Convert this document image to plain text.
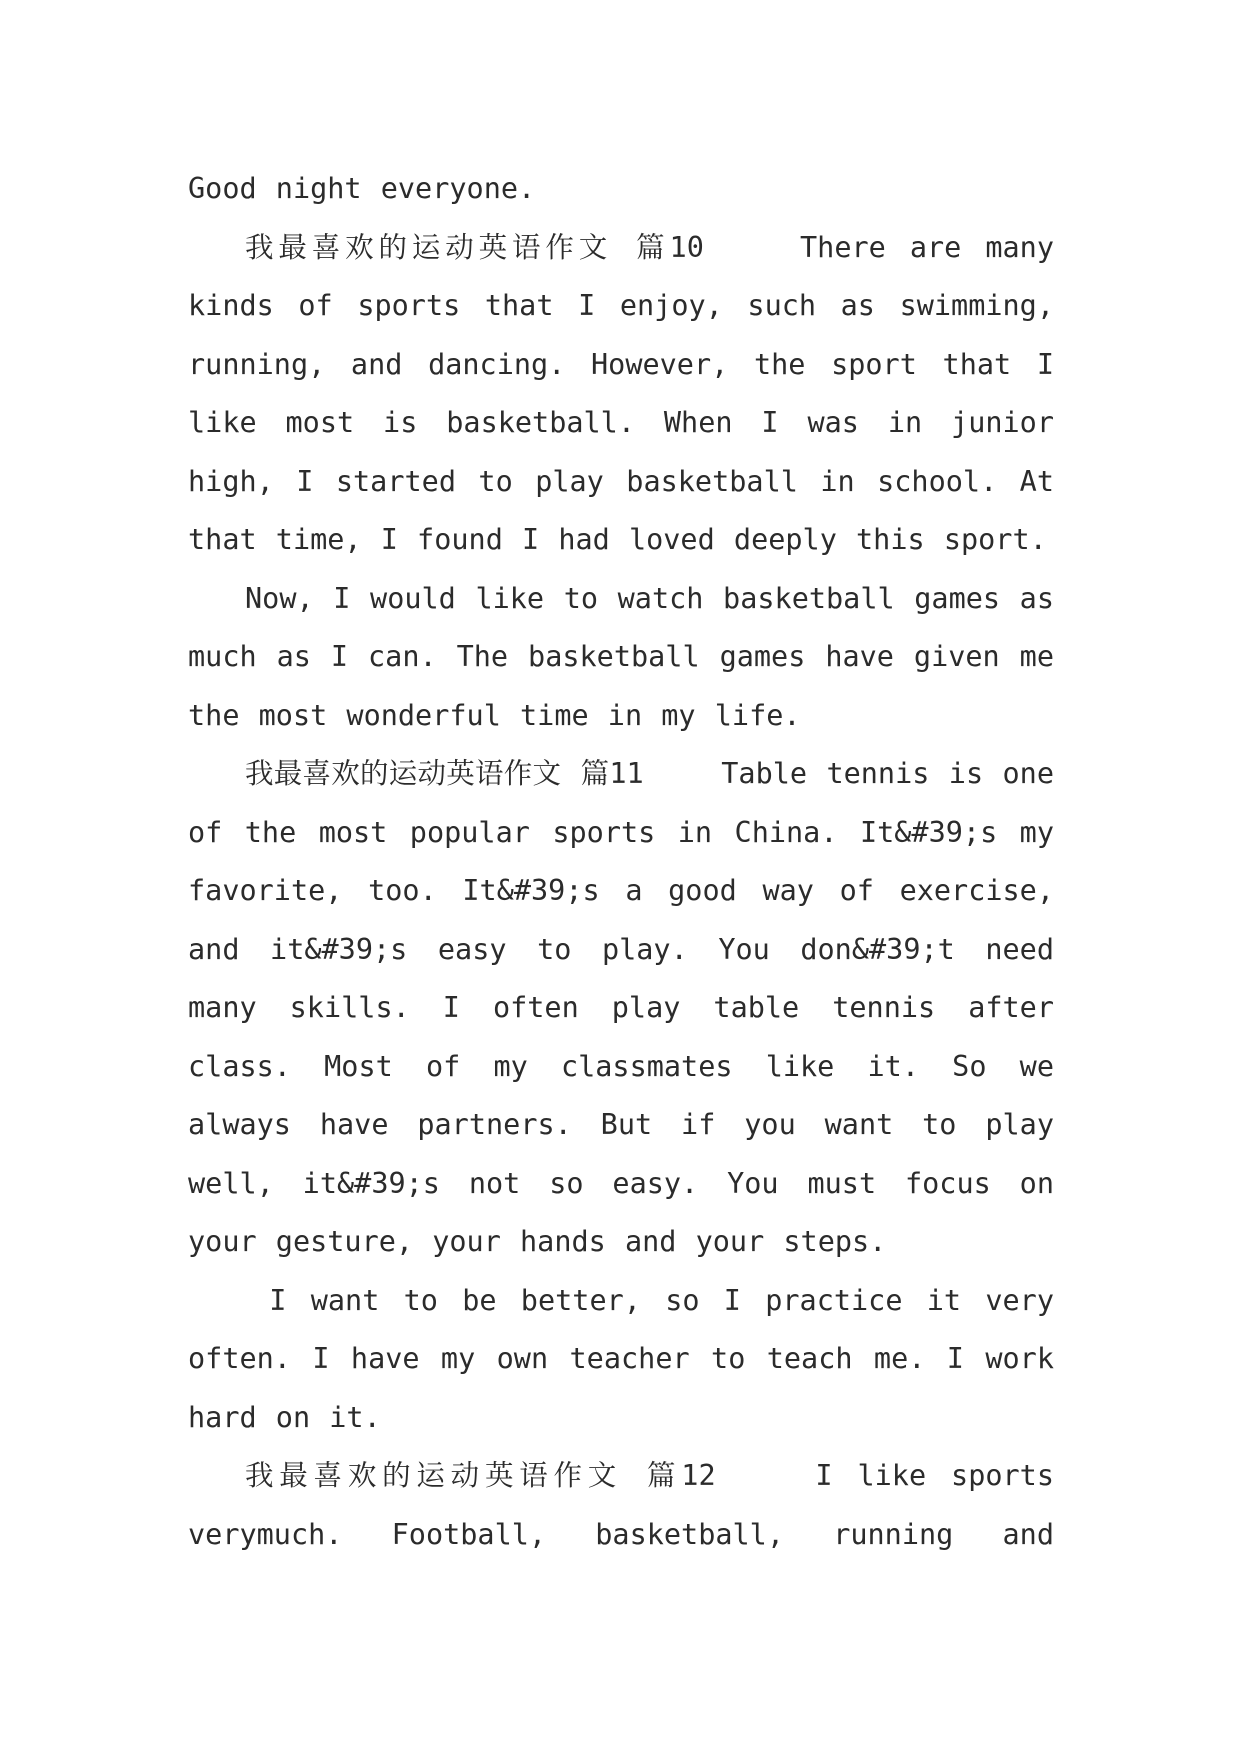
Good night everyone.

我最喜欢的运动英语作文 篇10    There are many kinds of sports that I enjoy, such as swimming, running, and dancing. However, the sport that I like most is basketball. When I was in junior high, I started to play basketball in school. At that time, I found I had loved deeply this sport.

Now, I would like to watch basketball games as much as I can. The basketball games have given me the most wonderful time in my life.

我最喜欢的运动英语作文 篇11    Table tennis is one of the most popular sports in China. It&#39;s my favorite, too. It&#39;s a good way of exercise, and it&#39;s easy to play. You don&#39;t need many skills. I often play table tennis after class. Most of my classmates like it. So we always have partners. But if you want to play well, it&#39;s not so easy. You must focus on your gesture, your hands and your steps.

I want to be better, so I practice it very often. I have my own teacher to teach me. I work hard on it.

我最喜欢的运动英语作文 篇12    I like sports verymuch. Football, basketball, running and
